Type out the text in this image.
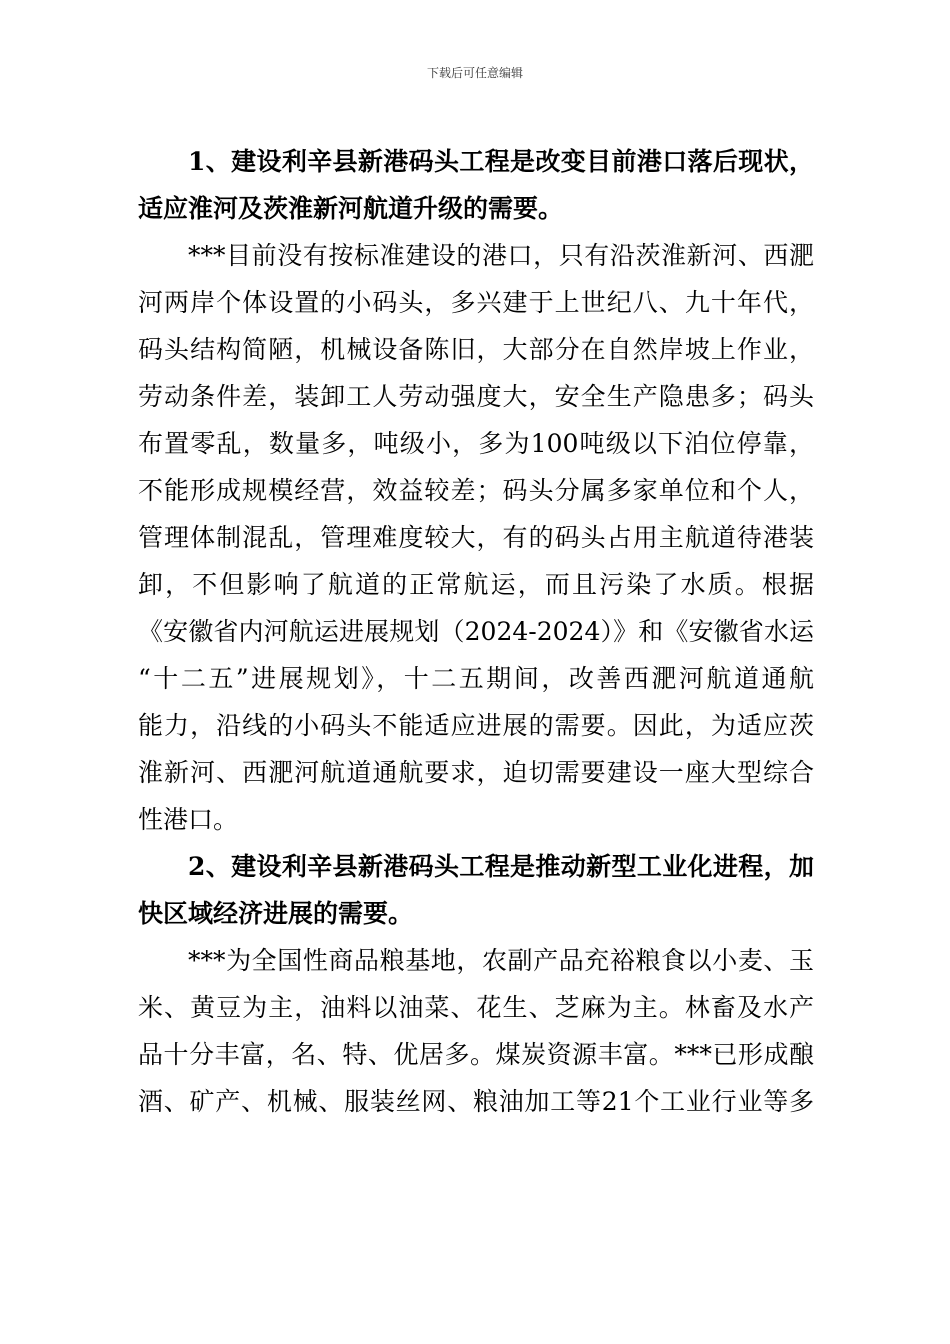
下载后可任意编辑
1、建设利辛县新港码头工程是改变目前港口落后现状，
适应淮河及茨淮新河航道升级的需要。
***目前没有按标准建设的港口，只有沿茨淮新河、西淝
河两岸个体设置的小码头，多兴建于上世纪八、九十年代，
码头结构简陋，机械设备陈旧，大部分在自然岸坡上作业，
劳动条件差，装卸工人劳动强度大，安全生产隐患多；码头
布置零乱，数量多，吨级小，多为100吨级以下泊位停靠，
不能形成规模经营，效益较差；码头分属多家单位和个人，
管理体制混乱，管理难度较大，有的码头占用主航道待港装
卸，不但影响了航道的正常航运，而且污染了水质。根据
《安徽省内河航运进展规划（2024-2024）》和《安徽省水运
“十二五”进展规划》，十二五期间，改善西淝河航道通航
能力，沿线的小码头不能适应进展的需要。因此，为适应茨
淮新河、西淝河航道通航要求，迫切需要建设一座大型综合
性港口。
2、建设利辛县新港码头工程是推动新型工业化进程，加
快区域经济进展的需要。
***为全国性商品粮基地，农副产品充裕粮食以小麦、玉
米、黄豆为主，油料以油菜、花生、芝麻为主。林畜及水产
品十分丰富，名、特、优居多。煤炭资源丰富。***已形成酿
酒、矿产、机械、服装丝网、粮油加工等21个工业行业等多
